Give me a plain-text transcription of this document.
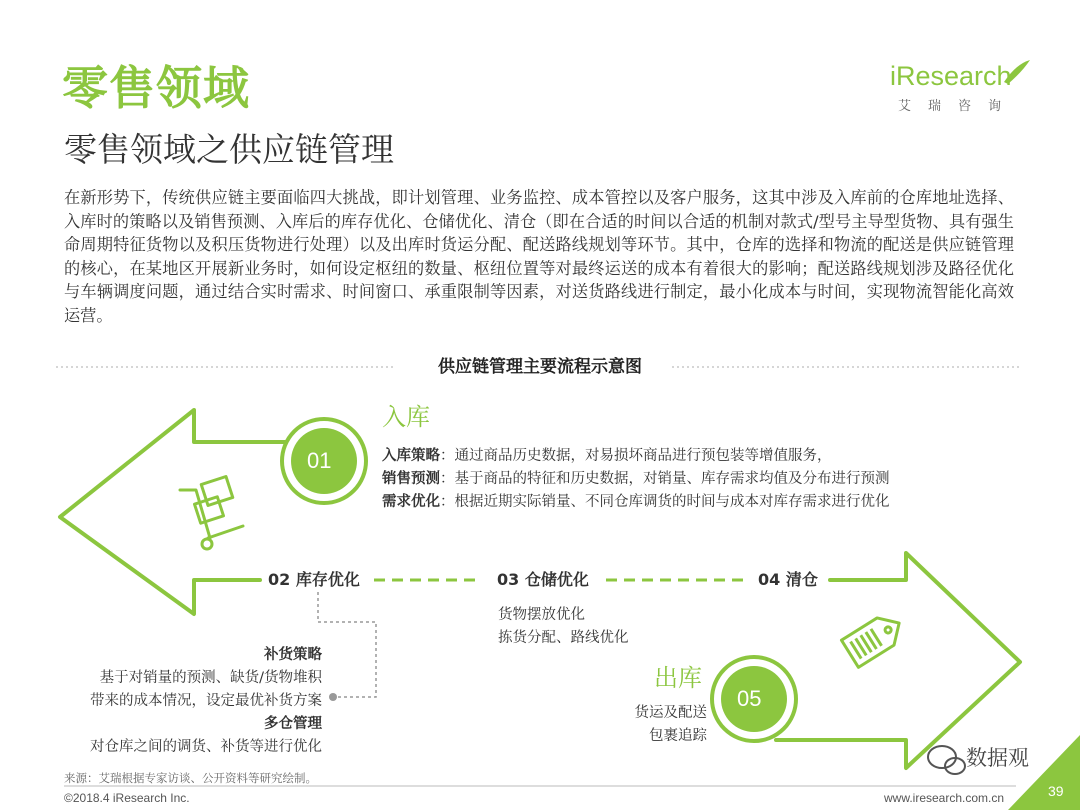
零售领域
零售领域之供应链管理
iResearch
艾瑞咨询
在新形势下，传统供应链主要面临四大挑战，即计划管理、业务监控、成本管控以及客户服务，这其中涉及入库前的仓库地址选择、入库时的策略以及销售预测、入库后的库存优化、仓储优化、清仓（即在合适的时间以合适的机制对款式/型号主导型货物、具有强生命周期特征货物以及积压货物进行处理）以及出库时货运分配、配送路线规划等环节。其中，仓库的选择和物流的配送是供应链管理的核心，在某地区开展新业务时，如何设定枢纽的数量、枢纽位置等对最终运送的成本有着很大的影响；配送路线规划涉及路径优化与车辆调度问题，通过结合实时需求、时间窗口、承重限制等因素，对送货路线进行制定，最小化成本与时间，实现物流智能化高效运营。
供应链管理主要流程示意图
入库
01	入库策略：通过商品历史数据，对易损坏商品进行预包装等增值服务，
销售预测：基于商品的特征和历史数据，对销量、库存需求均值及分布进行预测
需求优化：根据近期实际销量、不同仓库调货的时间与成本对库存需求进行优化
02 库存优化	03 仓储优化	04 清仓
货物摆放优化
拣货分配、路线优化
补货策略
基于对销量的预测、缺货/货物堆积
带来的成本情况，设定最优补货方案
多仓管理
对仓库之间的调货、补货等进行优化
出库
05
货运及配送
包裹追踪
来源：艾瑞根据专家访谈、公开资料等研究绘制。
©2018.4 iResearch Inc.	www.iresearch.com.cn	39
数据观
